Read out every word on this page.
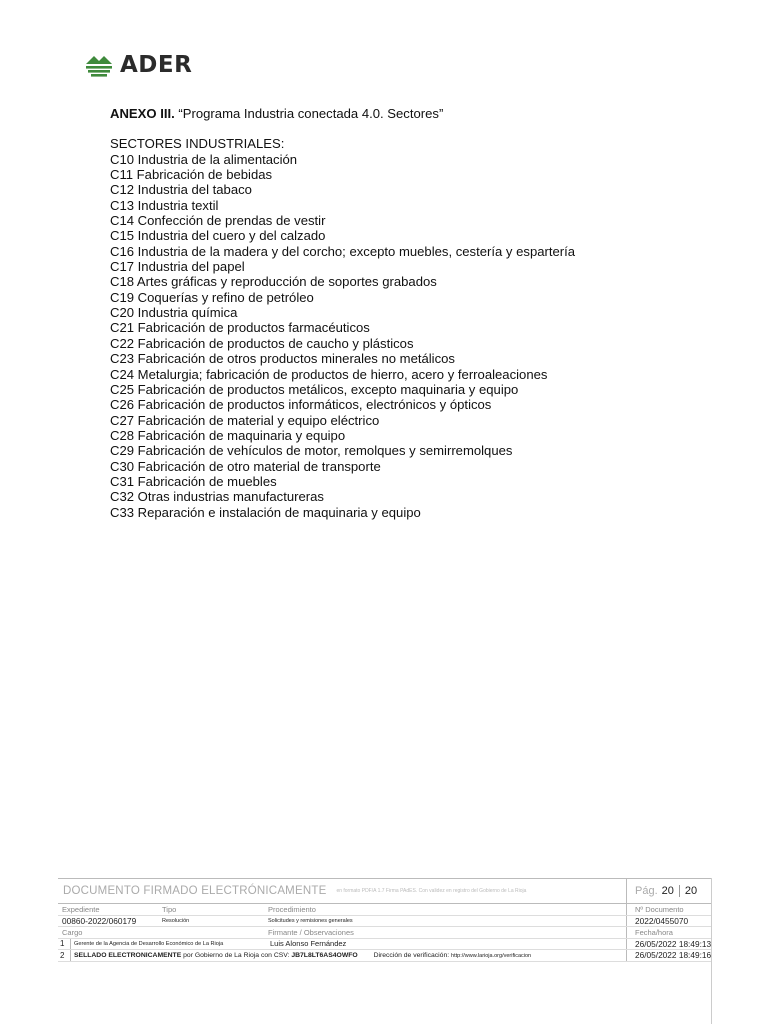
ADER
ANEXO III. “Programa Industria conectada 4.0. Sectores”
SECTORES INDUSTRIALES:
C10 Industria de la alimentación
C11 Fabricación de bebidas
C12 Industria del tabaco
C13 Industria textil
C14 Confección de prendas de vestir
C15 Industria del cuero y del calzado
C16 Industria de la madera y del corcho; excepto muebles, cestería y espartería
C17 Industria del papel
C18 Artes gráficas y reproducción de soportes grabados
C19 Coquerías y refino de petróleo
C20 Industria química
C21 Fabricación de productos farmacéuticos
C22 Fabricación de productos de caucho y plásticos
C23 Fabricación de otros productos minerales no metálicos
C24 Metalurgia; fabricación de productos de hierro, acero y ferroaleaciones
C25 Fabricación de productos metálicos, excepto maquinaria y equipo
C26 Fabricación de productos informáticos, electrónicos y ópticos
C27 Fabricación de material y equipo eléctrico
C28 Fabricación de maquinaria y equipo
C29 Fabricación de vehículos de motor, remolques y semirremolques
C30 Fabricación de otro material de transporte
C31 Fabricación de muebles
C32 Otras industrias manufactureras
C33 Reparación e instalación de maquinaria y equipo
DOCUMENTO FIRMADO ELECTRÓNICAMENTE en formato PDF/A 1.7 Firma PAdES. Con validez en registro del Gobierno de La Rioja	Pág. 20 20
Expediente	Tipo	Procedimiento	Nº Documento
00860-2022/060179	Resolución	Solicitudes y remisiones generales	2022/0455070
Cargo	Firmante / Observaciones	Fecha/hora
1	Gerente de la Agencia de Desarrollo Económico de La Rioja	Luis Alonso Fernández	26/05/2022 18:49:13
2	SELLADO ELECTRÓNICAMENTE por Gobierno de La Rioja con CSV: JB7L8LT6AS4OWFO Dirección de verificación: http://www.larioja.org/verificacion	26/05/2022 18:49:16
